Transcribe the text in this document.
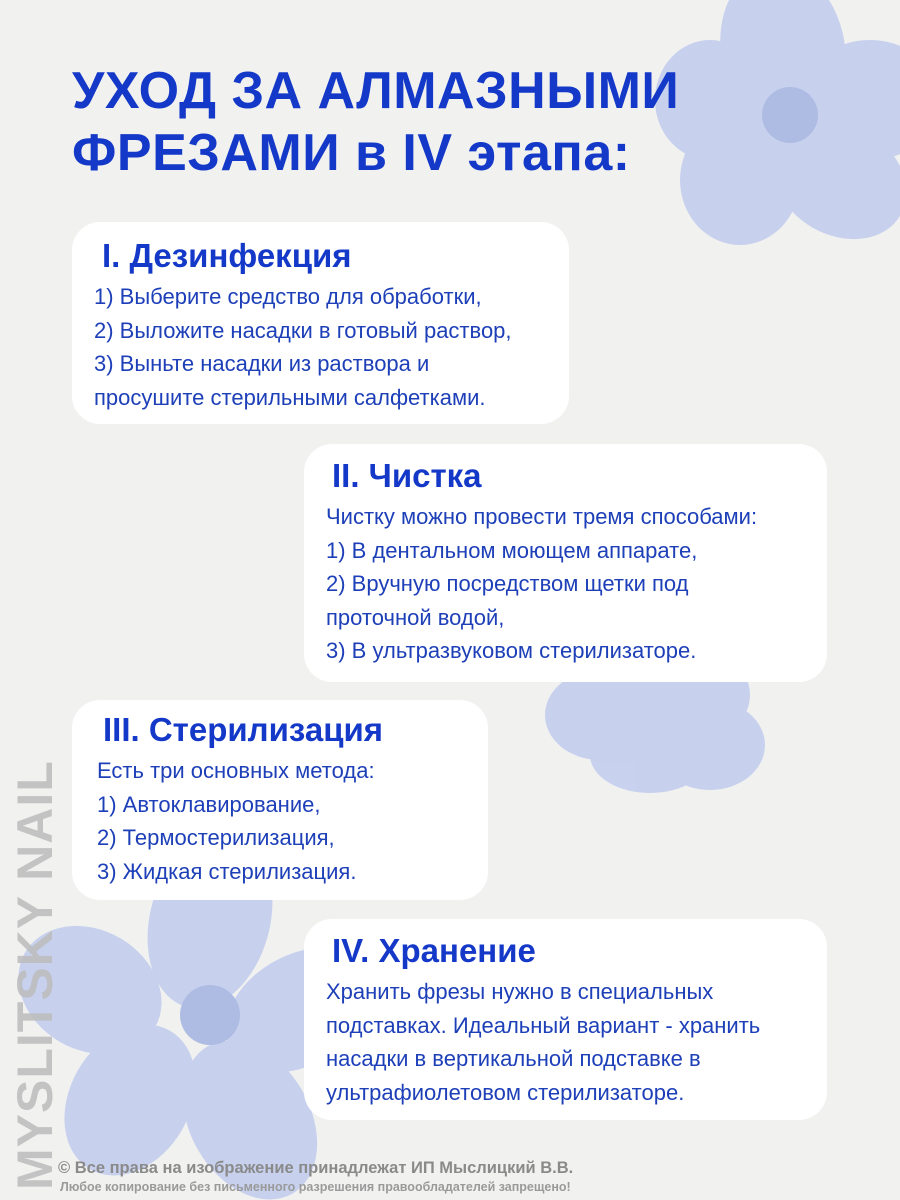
УХОД ЗА АЛМАЗНЫМИ
ФРЕЗАМИ в IV этапа:
I. Дезинфекция

1) Выберите средство для обработки,

2) Выложите насадки в готовый раствор,

3) Выньте насадки из раствора и

просушите стерильными салфетками.

II. Чистка

Чистку можно провести тремя способами:

1) В дентальном моющем аппарате,

2) Вручную посредством щетки под

проточной водой,

3) В ультразвуковом стерилизаторе.

III. Стерилизация

Есть три основных метода:

1) Автоклавирование,

2) Термостерилизация,

3) Жидкая стерилизация.

IV. Хранение

Хранить фрезы нужно в специальных

подставках. Идеальный вариант - хранить

насадки в вертикальной подставке в

ультрафиолетовом стерилизаторе.

MYSLITSKY NAIL
© Все права на изображение принадлежат ИП Мыслицкий В.В.
Любое копирование без письменного разрешения правообладателей запрещено!
